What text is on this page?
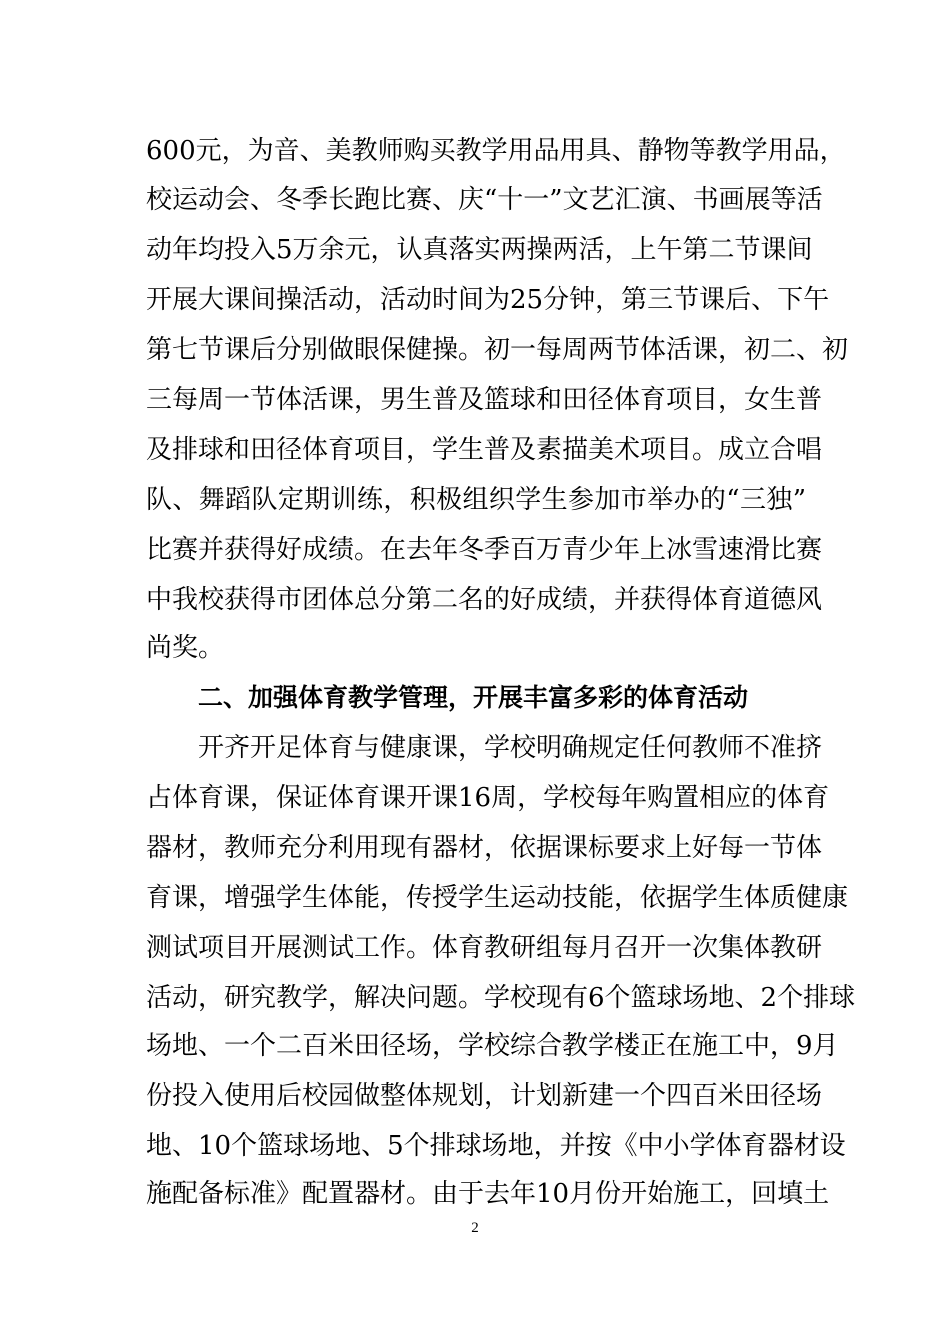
600元，为音、美教师购买教学用品用具、静物等教学用品，
校运动会、冬季长跑比赛、庆“十一”文艺汇演、书画展等活
动年均投入5万余元，认真落实两操两活，上午第二节课间
开展大课间操活动，活动时间为25分钟，第三节课后、下午
第七节课后分别做眼保健操。初一每周两节体活课，初二、初
三每周一节体活课，男生普及篮球和田径体育项目，女生普
及排球和田径体育项目，学生普及素描美术项目。成立合唱
队、舞蹈队定期训练，积极组织学生参加市举办的“三独”
比赛并获得好成绩。在去年冬季百万青少年上冰雪速滑比赛
中我校获得市团体总分第二名的好成绩，并获得体育道德风
尚奖。
二、加强体育教学管理，开展丰富多彩的体育活动
开齐开足体育与健康课，学校明确规定任何教师不准挤
占体育课，保证体育课开课16周，学校每年购置相应的体育
器材，教师充分利用现有器材，依据课标要求上好每一节体
育课，增强学生体能，传授学生运动技能，依据学生体质健康
测试项目开展测试工作。体育教研组每月召开一次集体教研
活动，研究教学，解决问题。学校现有6个篮球场地、2个排球
场地、一个二百米田径场，学校综合教学楼正在施工中，9月
份投入使用后校园做整体规划，计划新建一个四百米田径场
地、10个篮球场地、5个排球场地，并按《中小学体育器材设
施配备标准》配置器材。由于去年10月份开始施工，回填土
2
